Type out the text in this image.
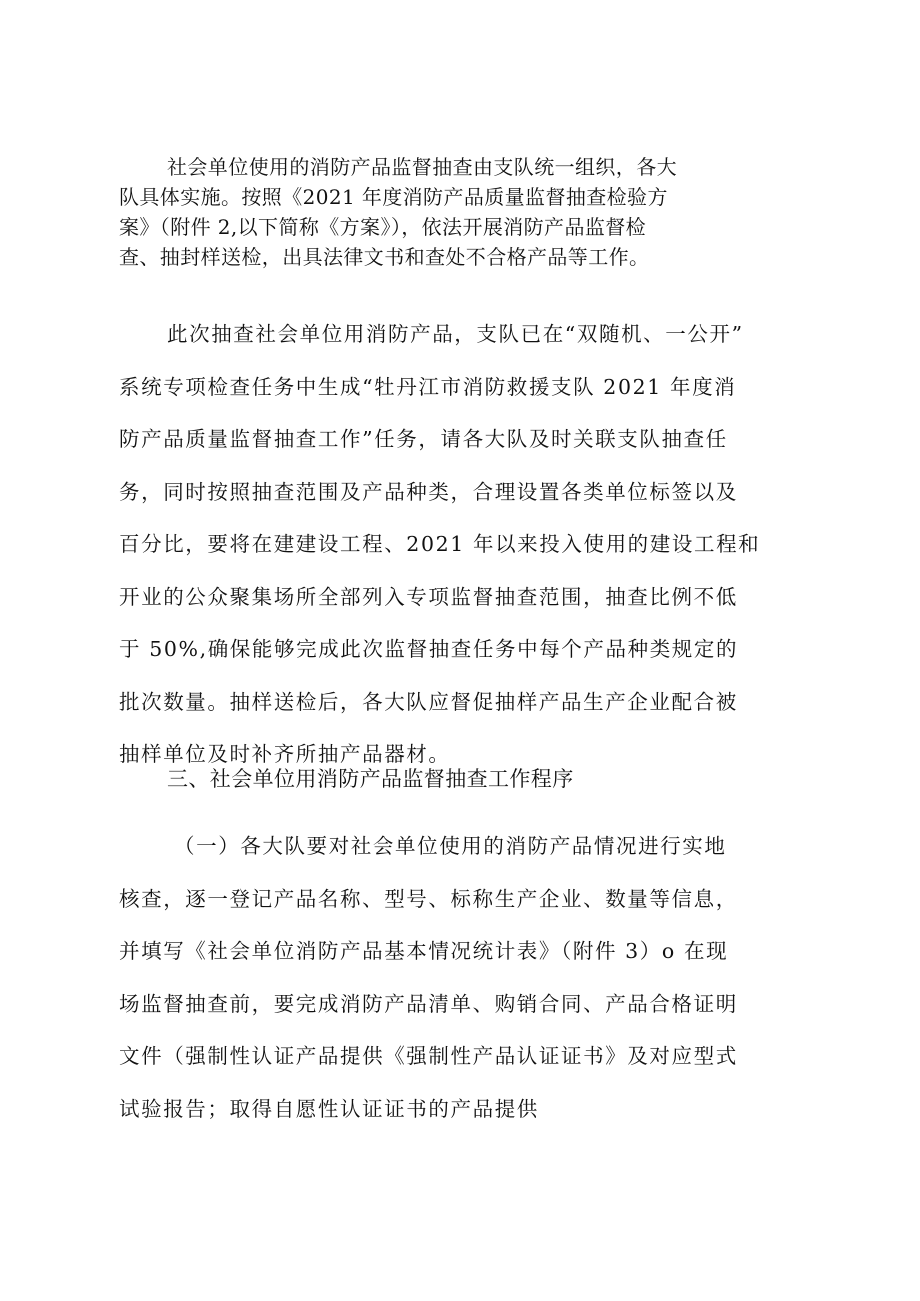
社会单位使用的消防产品监督抽查由支队统一组织，各大
队具体实施。按照《2021 年度消防产品质量监督抽查检验方
案》（附件 2,以下简称《方案》），依法开展消防产品监督检
查、抽封样送检，出具法律文书和查处不合格产品等工作。

此次抽查社会单位用消防产品，支队已在“双随机、一公开”
系统专项检查任务中生成“牡丹江市消防救援支队 2021 年度消
防产品质量监督抽查工作”任务，请各大队及时关联支队抽查任
务，同时按照抽查范围及产品种类，合理设置各类单位标签以及
百分比，要将在建建设工程、2021 年以来投入使用的建设工程和
开业的公众聚集场所全部列入专项监督抽查范围，抽查比例不低
于 50%,确保能够完成此次监督抽查任务中每个产品种类规定的
批次数量。抽样送检后，各大队应督促抽样产品生产企业配合被
抽样单位及时补齐所抽产品器材。

三、社会单位用消防产品监督抽查工作程序

（一）各大队要对社会单位使用的消防产品情况进行实地
核查，逐一登记产品名称、型号、标称生产企业、数量等信息，
并填写《社会单位消防产品基本情况统计表》（附件 3）o 在现
场监督抽查前，要完成消防产品清单、购销合同、产品合格证明
文件（强制性认证产品提供《强制性产品认证证书》及对应型式
试验报告；取得自愿性认证证书的产品提供
